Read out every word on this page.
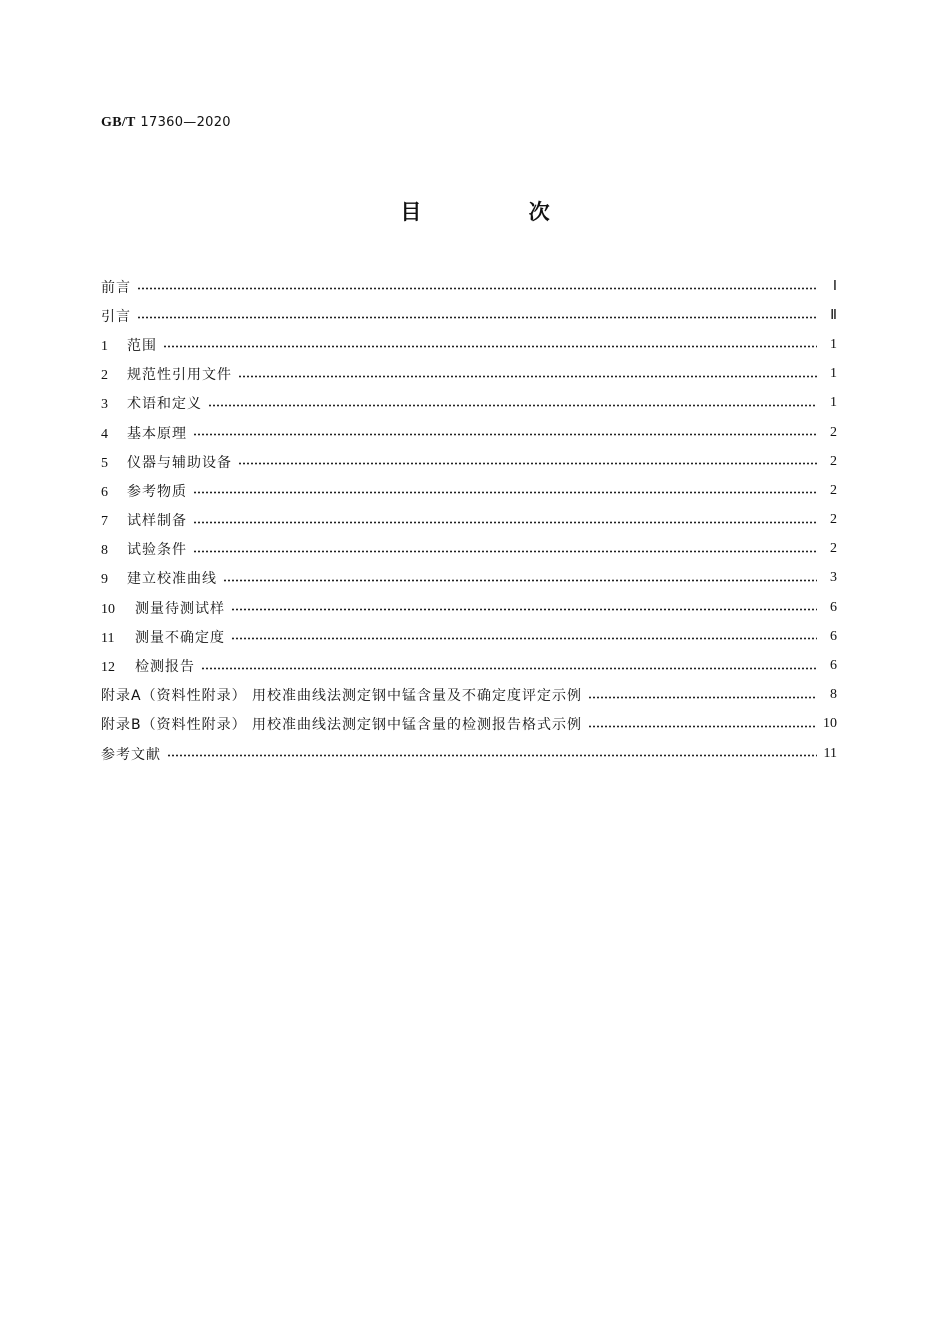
GB/T 17360—2020
目 次
前言	Ⅰ
引言	Ⅱ
1 范围	1
2 规范性引用文件	1
3 术语和定义	1
4 基本原理	2
5 仪器与辅助设备	2
6 参考物质	2
7 试样制备	2
8 试验条件	2
9 建立校准曲线	3
10 测量待测试样	6
11 测量不确定度	6
12 检测报告	6
附录A（资料性附录） 用校准曲线法测定钢中锰含量及不确定度评定示例	8
附录B（资料性附录） 用校准曲线法测定钢中锰含量的检测报告格式示例	10
参考文献	11
